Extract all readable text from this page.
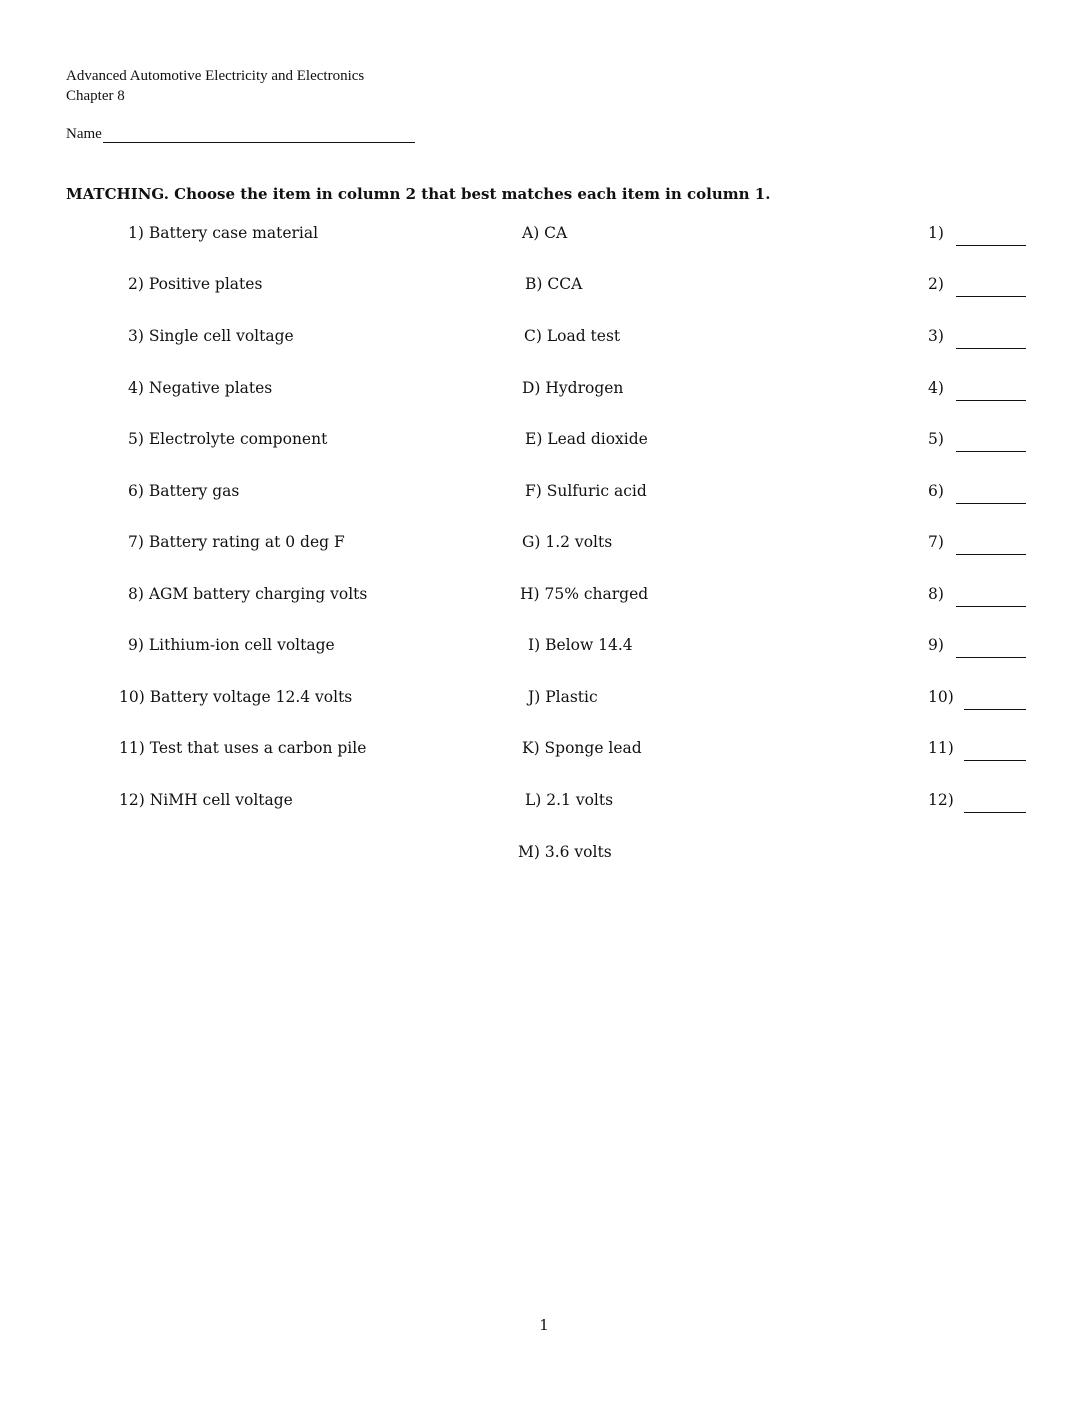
Advanced Automotive Electricity and Electronics
Chapter 8
Name
MATCHING. Choose the item in column 2 that best matches each item in column 1.
1) Battery case material	A) CA	1)
2) Positive plates	B) CCA	2)
3) Single cell voltage	C) Load test	3)
4) Negative plates	D) Hydrogen	4)
5) Electrolyte component	E) Lead dioxide	5)
6) Battery gas	F) Sulfuric acid	6)
7) Battery rating at 0 deg F	G) 1.2 volts	7)
8) AGM battery charging volts	H) 75% charged	8)
9) Lithium-ion cell voltage	I) Below 14.4	9)
10) Battery voltage 12.4 volts	J) Plastic	10)
11) Test that uses a carbon pile	K) Sponge lead	11)
12) NiMH cell voltage	L) 2.1 volts	12)
M) 3.6 volts
1
